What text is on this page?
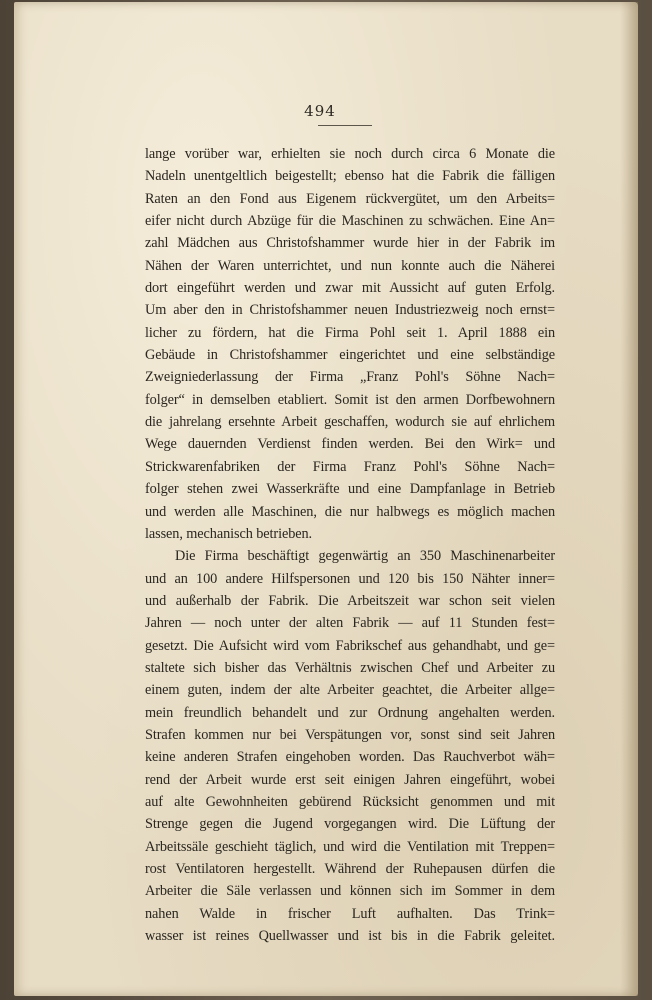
494
lange vorüber war, erhielten sie noch durch circa 6 Monate die
Nadeln unentgeltlich beigestellt; ebenso hat die Fabrik die fälligen
Raten an den Fond aus Eigenem rückvergütet, um den Arbeits=
eifer nicht durch Abzüge für die Maschinen zu schwächen. Eine An=
zahl Mädchen aus Christofshammer wurde hier in der Fabrik im
Nähen der Waren unterrichtet, und nun konnte auch die Näherei
dort eingeführt werden und zwar mit Aussicht auf guten Erfolg.
Um aber den in Christofshammer neuen Industriezweig noch ernst=
licher zu fördern, hat die Firma Pohl seit 1. April 1888 ein
Gebäude in Christofshammer eingerichtet und eine selbständige
Zweigniederlassung der Firma „Franz Pohl's Söhne Nach=
folger“ in demselben etabliert. Somit ist den armen Dorfbewohnern
die jahrelang ersehnte Arbeit geschaffen, wodurch sie auf ehrlichem
Wege dauernden Verdienst finden werden. Bei den Wirk= und
Strickwarenfabriken der Firma Franz Pohl's Söhne Nach=
folger stehen zwei Wasserkräfte und eine Dampfanlage in Betrieb
und werden alle Maschinen, die nur halbwegs es möglich machen
lassen, mechanisch betrieben.
Die Firma beschäftigt gegenwärtig an 350 Maschinenarbeiter
und an 100 andere Hilfspersonen und 120 bis 150 Nähter inner=
und außerhalb der Fabrik. Die Arbeitszeit war schon seit vielen
Jahren — noch unter der alten Fabrik — auf 11 Stunden fest=
gesetzt. Die Aufsicht wird vom Fabrikschef aus gehandhabt, und ge=
staltete sich bisher das Verhältnis zwischen Chef und Arbeiter zu
einem guten, indem der alte Arbeiter geachtet, die Arbeiter allge=
mein freundlich behandelt und zur Ordnung angehalten werden.
Strafen kommen nur bei Verspätungen vor, sonst sind seit Jahren
keine anderen Strafen eingehoben worden. Das Rauchverbot wäh=
rend der Arbeit wurde erst seit einigen Jahren eingeführt, wobei
auf alte Gewohnheiten gebürend Rücksicht genommen und mit
Strenge gegen die Jugend vorgegangen wird. Die Lüftung der
Arbeitssäle geschieht täglich, und wird die Ventilation mit Treppen=
rost Ventilatoren hergestellt. Während der Ruhepausen dürfen die
Arbeiter die Säle verlassen und können sich im Sommer in dem
nahen Walde in frischer Luft aufhalten. Das Trink=
wasser ist reines Quellwasser und ist bis in die Fabrik geleitet.
